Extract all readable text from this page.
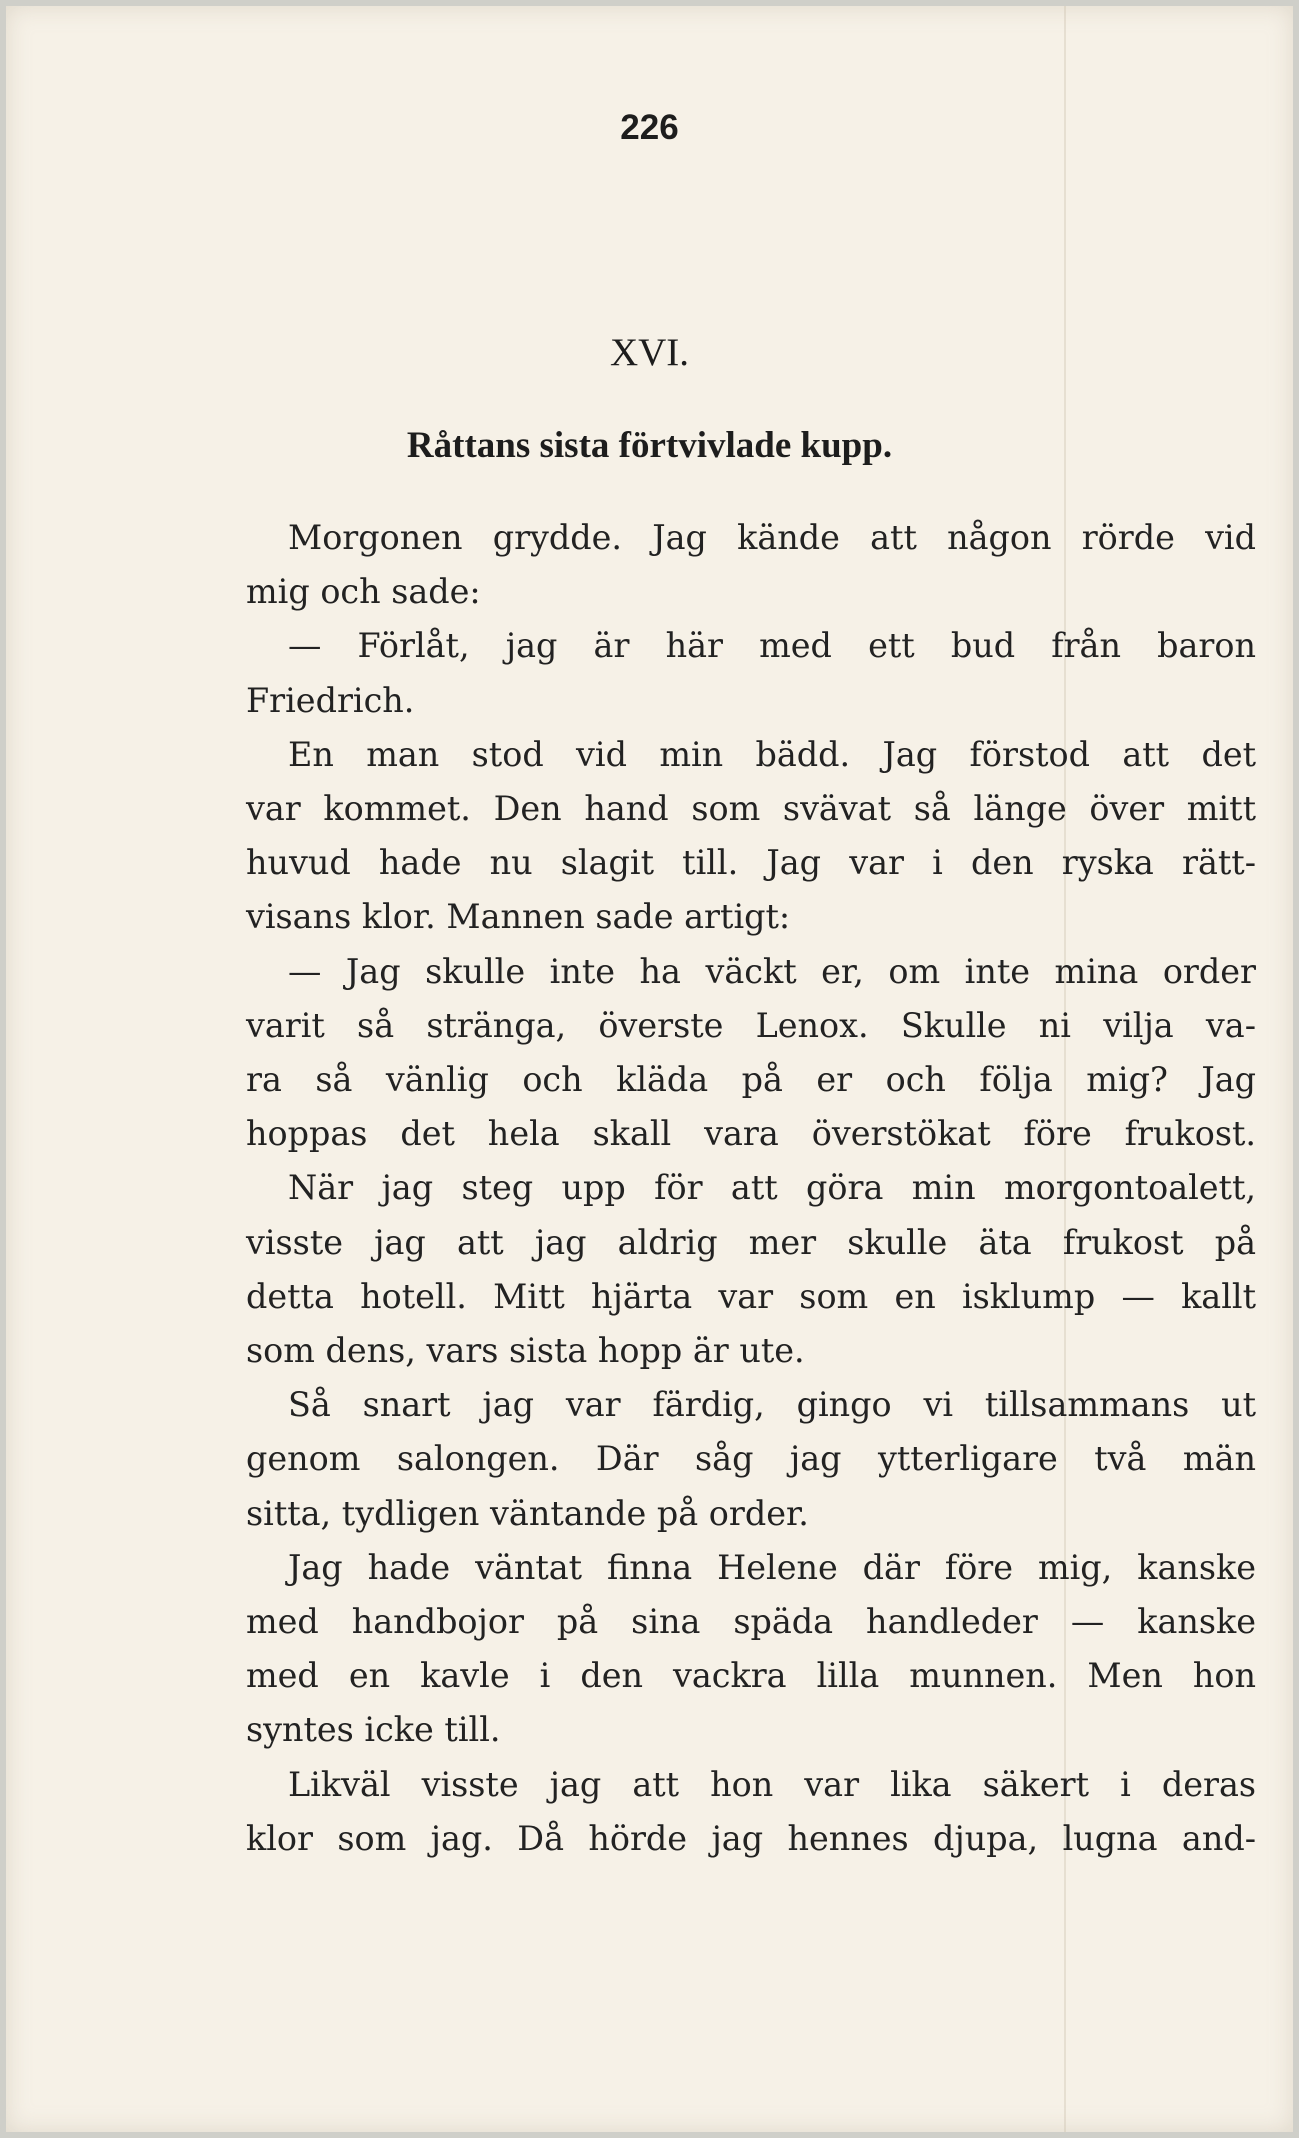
226
XVI.
Råttans sista förtvivlade kupp.
Morgonen grydde. Jag kände att någon rörde vid
mig och sade:
— Förlåt, jag är här med ett bud från baron
Friedrich.
En man stod vid min bädd. Jag förstod att det
var kommet. Den hand som svävat så länge över mitt
huvud hade nu slagit till. Jag var i den ryska rätt-
visans klor. Mannen sade artigt:
— Jag skulle inte ha väckt er, om inte mina order
varit så stränga, överste Lenox. Skulle ni vilja va-
ra så vänlig och kläda på er och följa mig? Jag
hoppas det hela skall vara överstökat före frukost.
När jag steg upp för att göra min morgontoalett,
visste jag att jag aldrig mer skulle äta frukost på
detta hotell. Mitt hjärta var som en isklump — kallt
som dens, vars sista hopp är ute.
Så snart jag var färdig, gingo vi tillsammans ut
genom salongen. Där såg jag ytterligare två män
sitta, tydligen väntande på order.
Jag hade väntat finna Helene där före mig, kanske
med handbojor på sina späda handleder — kanske
med en kavle i den vackra lilla munnen. Men hon
syntes icke till.
Likväl visste jag att hon var lika säkert i deras
klor som jag. Då hörde jag hennes djupa, lugna and-
